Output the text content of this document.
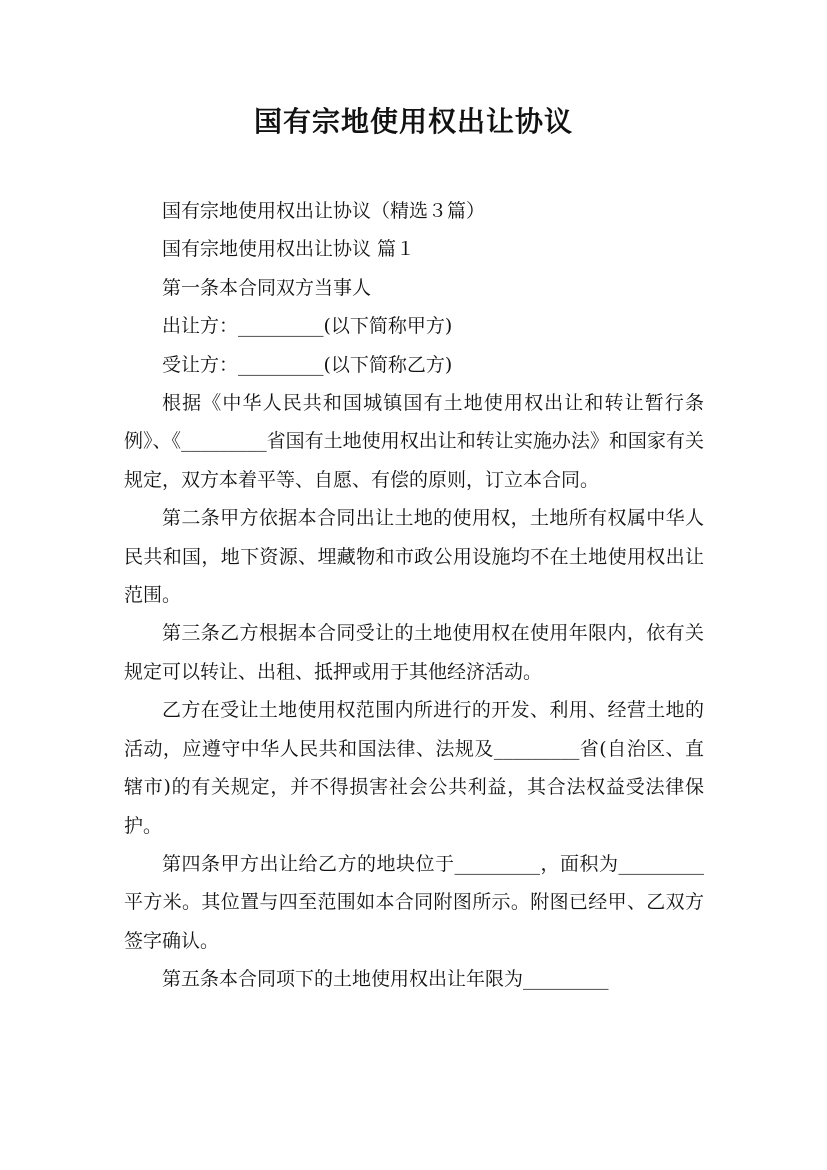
国有宗地使用权出让协议

国有宗地使用权出让协议（精选３篇）

国有宗地使用权出让协议 篇１

第一条本合同双方当事人

出让方：_________(以下简称甲方)

受让方：_________(以下简称乙方)

根据《中华人民共和国城镇国有土地使用权出让和转让暂行条例》、《_________省国有土地使用权出让和转让实施办法》和国家有关规定，双方本着平等、自愿、有偿的原则，订立本合同。

第二条甲方依据本合同出让土地的使用权，土地所有权属中华人民共和国，地下资源、埋藏物和市政公用设施均不在土地使用权出让范围。

第三条乙方根据本合同受让的土地使用权在使用年限内，依有关规定可以转让、出租、抵押或用于其他经济活动。

乙方在受让土地使用权范围内所进行的开发、利用、经营土地的活动，应遵守中华人民共和国法律、法规及_________省(自治区、直辖市)的有关规定，并不得损害社会公共利益，其合法权益受法律保护。

第四条甲方出让给乙方的地块位于_________，面积为_________平方米。其位置与四至范围如本合同附图所示。附图已经甲、乙双方签字确认。

第五条本合同项下的土地使用权出让年限为_________
